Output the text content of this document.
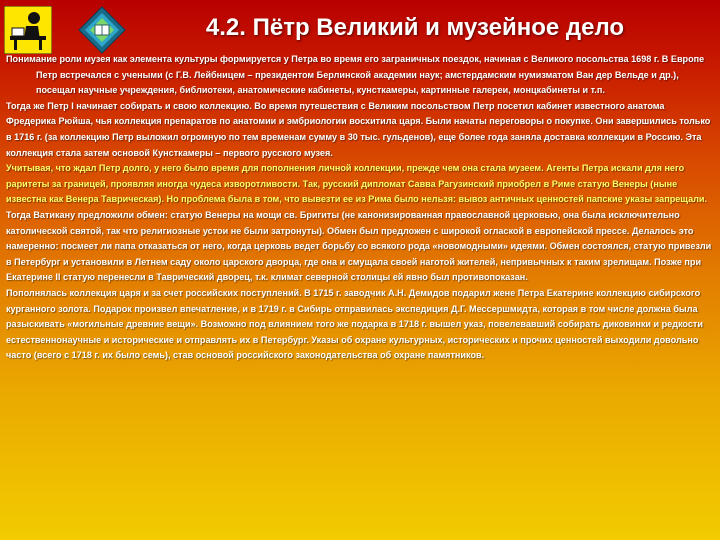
4.2. Пётр Великий и музейное дело

Понимание роли музея как элемента культуры формируется у Петра во время его заграничных поездок, начиная с Великого посольства 1698 г. В Европе Петр встречался с учеными (с Г.В. Лейбницем – президентом Берлинской академии наук; амстердамским нумизматом Ван дер Вельде и др.), посещал научные учреждения, библиотеки, анатомические кабинеты, кунсткамеры, картинные галереи, монцкабинеты и т.п.

Тогда же Петр I начинает собирать и свою коллекцию. Во время путешествия с Великим посольством Петр посетил кабинет известного анатома Фредерика Рюйша, чья коллекция препаратов по анатомии и эмбриологии восхитила царя. Были начаты переговоры о покупке. Они завершились только в 1716 г. (за коллекцию Петр выложил огромную по тем временам сумму в 30 тыс. гульденов), еще более года заняла доставка коллекции в Россию. Эта коллекция стала затем основой Кунсткамеры – первого русского музея.

Учитывая, что ждал Петр долго, у него было время для пополнения личной коллекции, прежде чем она стала музеем. Агенты Петра искали для него раритеты за границей, проявляя иногда чудеса изворотливости. Так, русский дипломат Савва Рагузинский приобрел в Риме статую Венеры (ныне известна как Венера Таврическая). Но проблема была в том, что вывезти ее из Рима было нельзя: вывоз античных ценностей папские указы запрещали. Тогда Ватикану предложили обмен: статую Венеры на мощи св. Бригиты (не канонизированная православной церковью, она была исключительно католической святой, так что религиозные устои не были затронуты). Обмен был предложен с широкой оглаской в европейской прессе. Делалось это намеренно: посмеет ли папа отказаться от него, когда церковь ведет борьбу со всякого рода «новомодными» идеями. Обмен состоялся, статую привезли в Петербург и установили в Летнем саду около царского дворца, где она и смущала своей наготой жителей, непривычных к таким зрелищам. Позже при Екатерине II статую перенесли в Таврический дворец, т.к. климат северной столицы ей явно был противопоказан.

Пополнялась коллекция царя и за счет российских поступлений. В 1715 г. заводчик А.Н. Демидов подарил жене Петра Екатерине коллекцию сибирского курганного золота. Подарок произвел впечатление, и в 1719 г. в Сибирь отправилась экспедиция Д.Г. Мессершмидта, которая в том числе должна была разыскивать «могильные древние вещи». Возможно под влиянием того же подарка в 1718 г. вышел указ, повелевавший собирать диковинки и редкости естественнонаучные и исторические и отправлять их в Петербург. Указы об охране культурных, исторических и прочих ценностей выходили довольно часто (всего с 1718 г. их было семь), став основой российского законодательства об охране памятников.
